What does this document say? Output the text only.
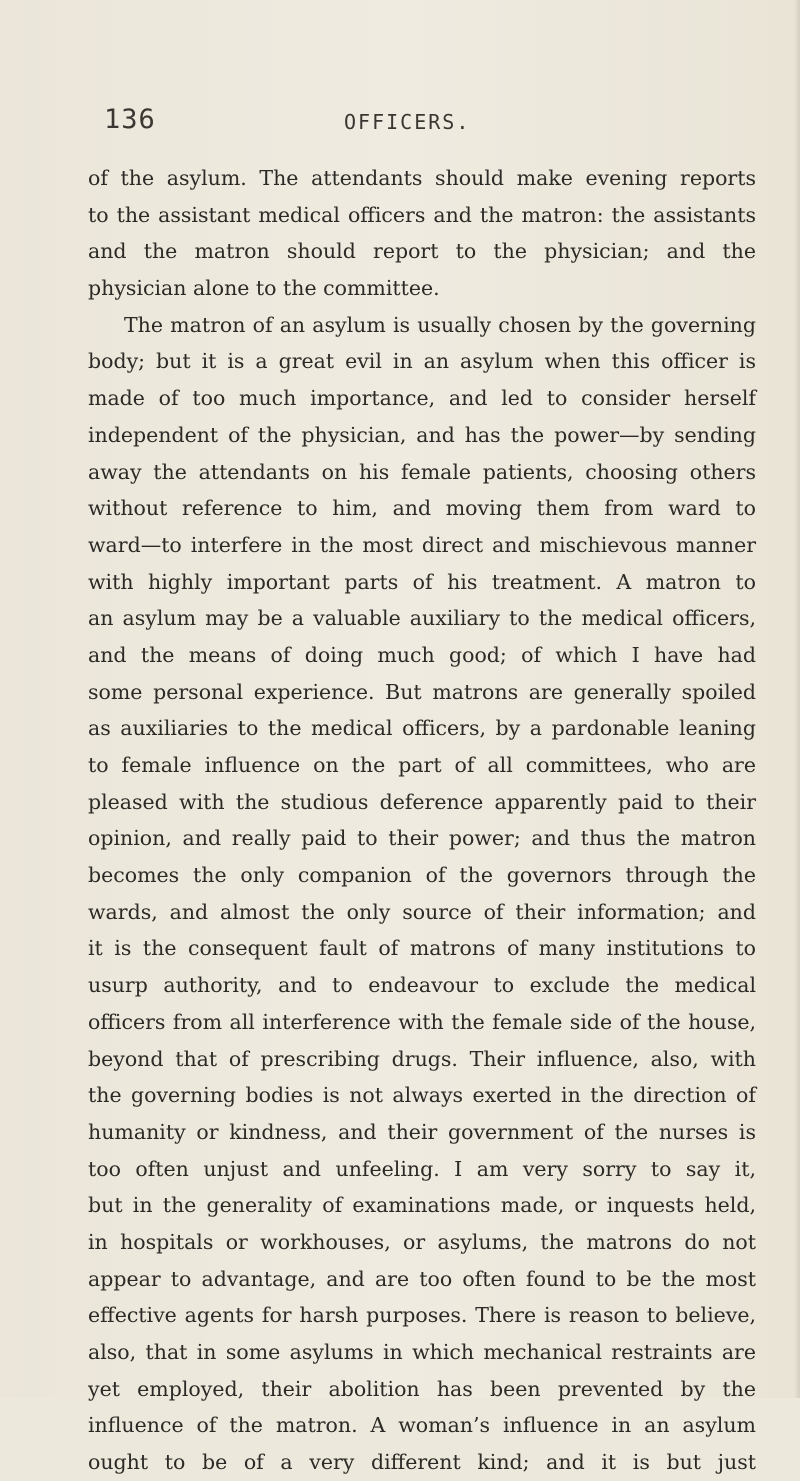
136	OFFICERS.
of the asylum. The attendants should make evening reports
to the assistant medical officers and the matron: the assistants
and the matron should report to the physician; and the
physician alone to the committee.
The matron of an asylum is usually chosen by the governing
body; but it is a great evil in an asylum when this officer is
made of too much importance, and led to consider herself
independent of the physician, and has the power—by sending
away the attendants on his female patients, choosing others
without reference to him, and moving them from ward to
ward—to interfere in the most direct and mischievous manner
with highly important parts of his treatment. A matron to
an asylum may be a valuable auxiliary to the medical officers,
and the means of doing much good; of which I have had
some personal experience. But matrons are generally spoiled
as auxiliaries to the medical officers, by a pardonable leaning
to female influence on the part of all committees, who are
pleased with the studious deference apparently paid to their
opinion, and really paid to their power; and thus the matron
becomes the only companion of the governors through the
wards, and almost the only source of their information; and
it is the consequent fault of matrons of many institutions to
usurp authority, and to endeavour to exclude the medical
officers from all interference with the female side of the house,
beyond that of prescribing drugs. Their influence, also, with
the governing bodies is not always exerted in the direction of
humanity or kindness, and their government of the nurses is
too often unjust and unfeeling. I am very sorry to say it,
but in the generality of examinations made, or inquests held,
in hospitals or workhouses, or asylums, the matrons do not
appear to advantage, and are too often found to be the most
effective agents for harsh purposes. There is reason to believe,
also, that in some asylums in which mechanical restraints are
yet employed, their abolition has been prevented by the
influence of the matron. A woman’s influence in an asylum
ought to be of a very different kind; and it is but just
